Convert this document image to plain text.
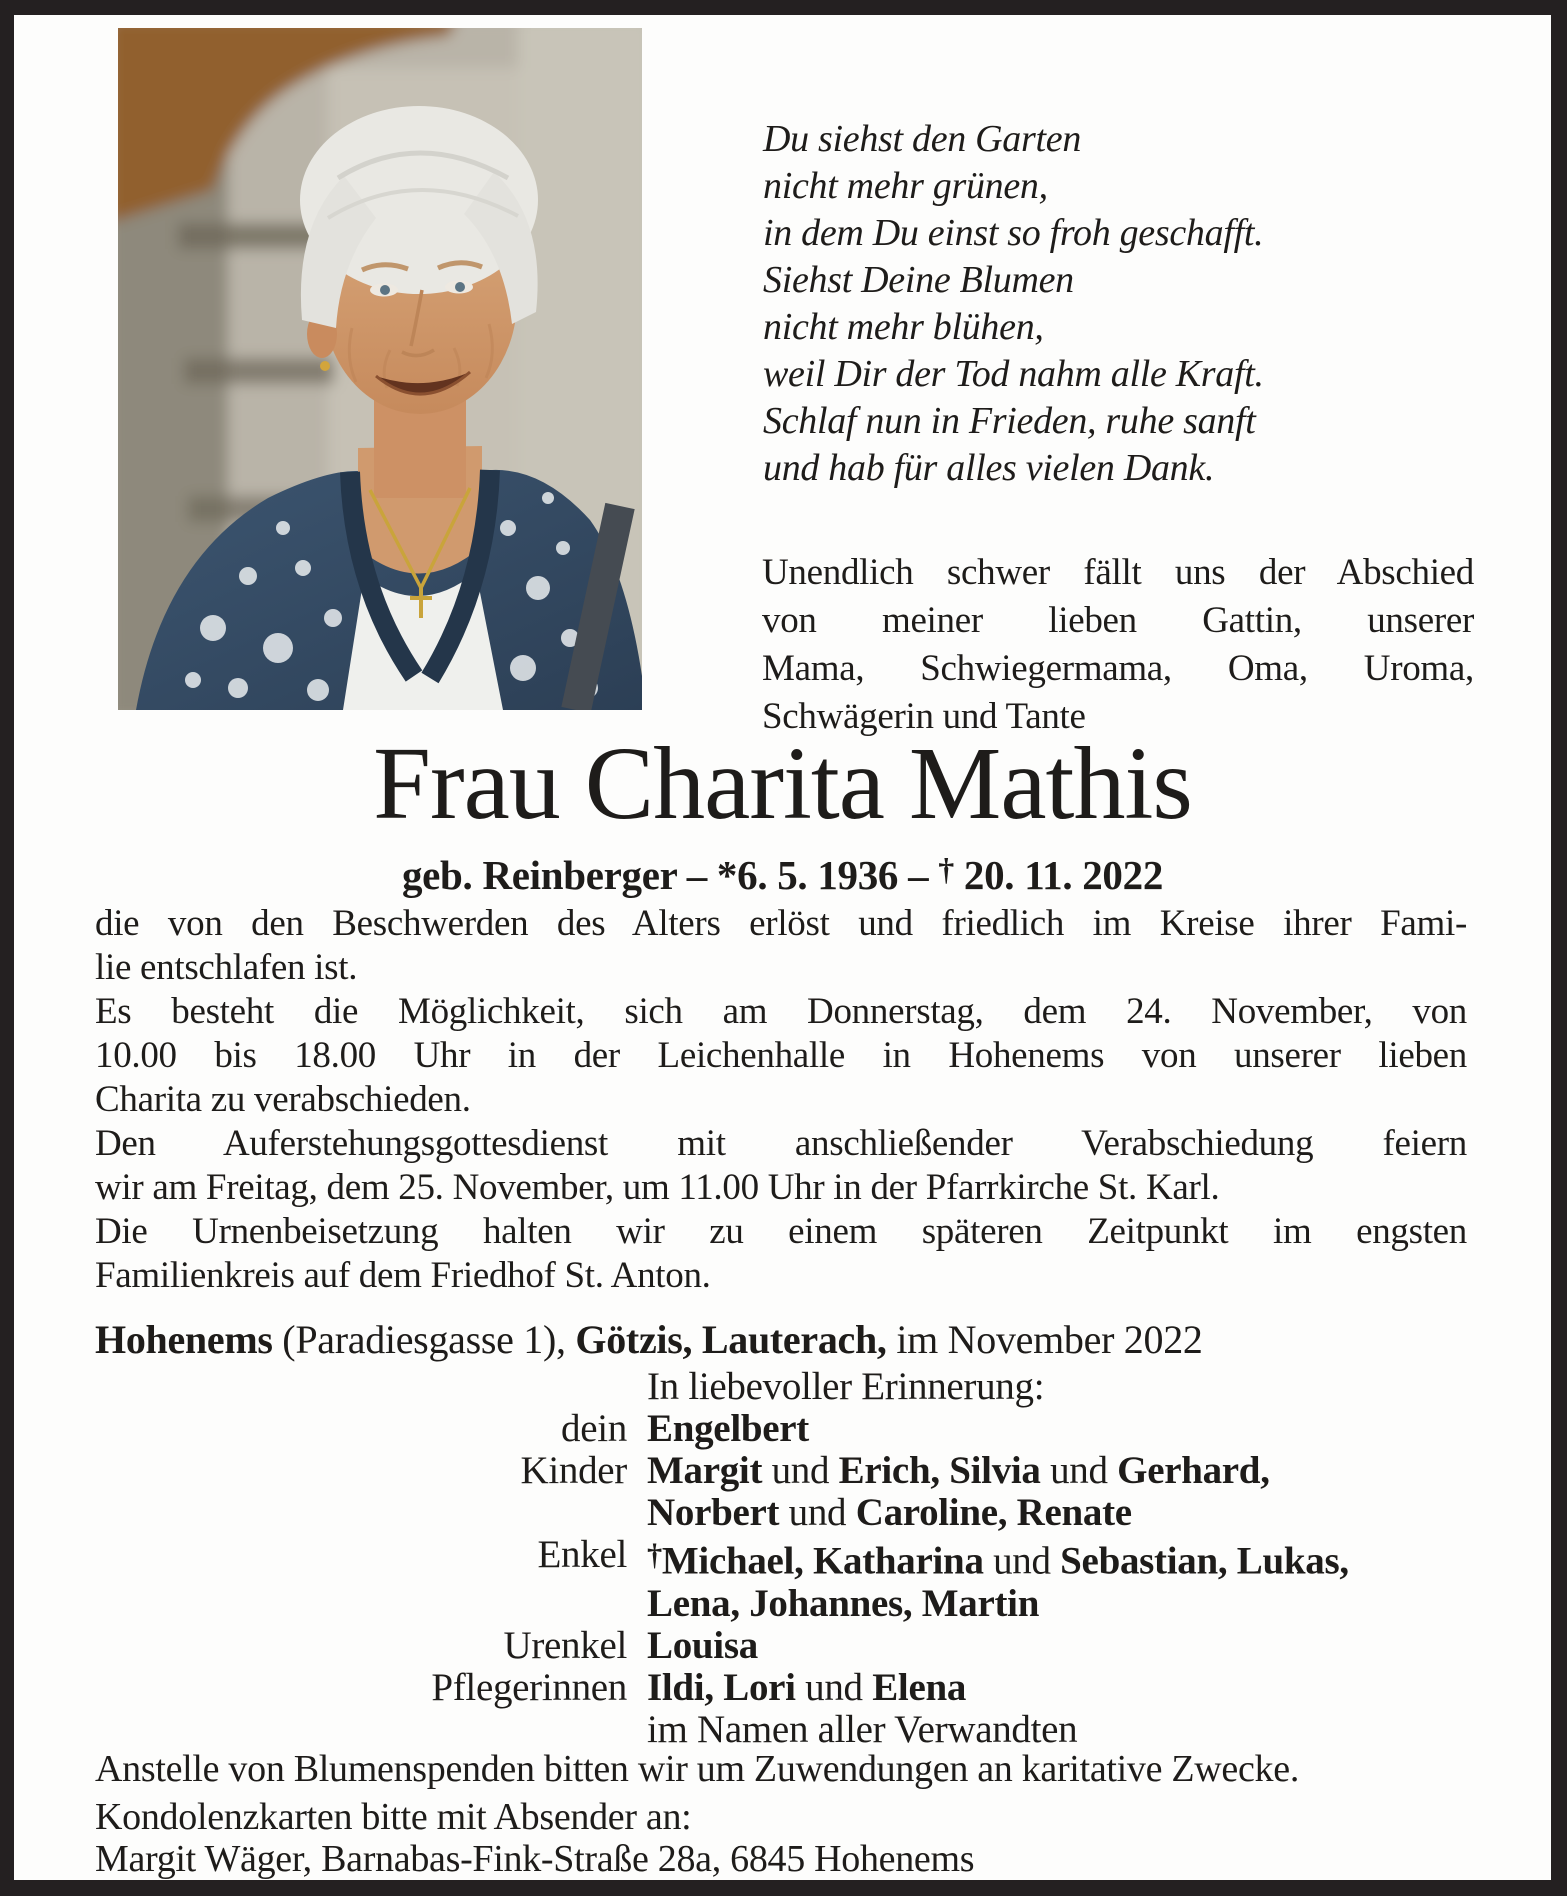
Du siehst den Garten
nicht mehr grünen,
in dem Du einst so froh geschafft.
Siehst Deine Blumen
nicht mehr blühen,
weil Dir der Tod nahm alle Kraft.
Schlaf nun in Frieden, ruhe sanft
und hab für alles vielen Dank.
Unendlich schwer fällt uns der Abschied
von meiner lieben Gattin, unserer
Mama, Schwiegermama, Oma, Uroma,
Schwägerin und Tante
Frau Charita Mathis
geb. Reinberger – *6. 5. 1936 – † 20. 11. 2022
die von den Beschwerden des Alters erlöst und friedlich im Kreise ihrer Fami-
lie entschlafen ist.
Es besteht die Möglichkeit, sich am Donnerstag, dem 24. November, von
10.00 bis 18.00 Uhr in der Leichenhalle in Hohenems von unserer lieben
Charita zu verabschieden.
Den Auferstehungsgottesdienst mit anschließender Verabschiedung feiern
wir am Freitag, dem 25. November, um 11.00 Uhr in der Pfarrkirche St. Karl.
Die Urnenbeisetzung halten wir zu einem späteren Zeitpunkt im engsten
Familienkreis auf dem Friedhof St. Anton.
Hohenems (Paradiesgasse 1), Götzis, Lauterach, im November 2022
In liebevoller Erinnerung:
dein Engelbert
Kinder Margit und Erich, Silvia und Gerhard,
Norbert und Caroline, Renate
Enkel †Michael, Katharina und Sebastian, Lukas,
Lena, Johannes, Martin
Urenkel Louisa
Pflegerinnen Ildi, Lori und Elena
im Namen aller Verwandten
Anstelle von Blumenspenden bitten wir um Zuwendungen an karitative Zwecke.
Kondolenzkarten bitte mit Absender an:
Margit Wäger, Barnabas-Fink-Straße 28a, 6845 Hohenems
